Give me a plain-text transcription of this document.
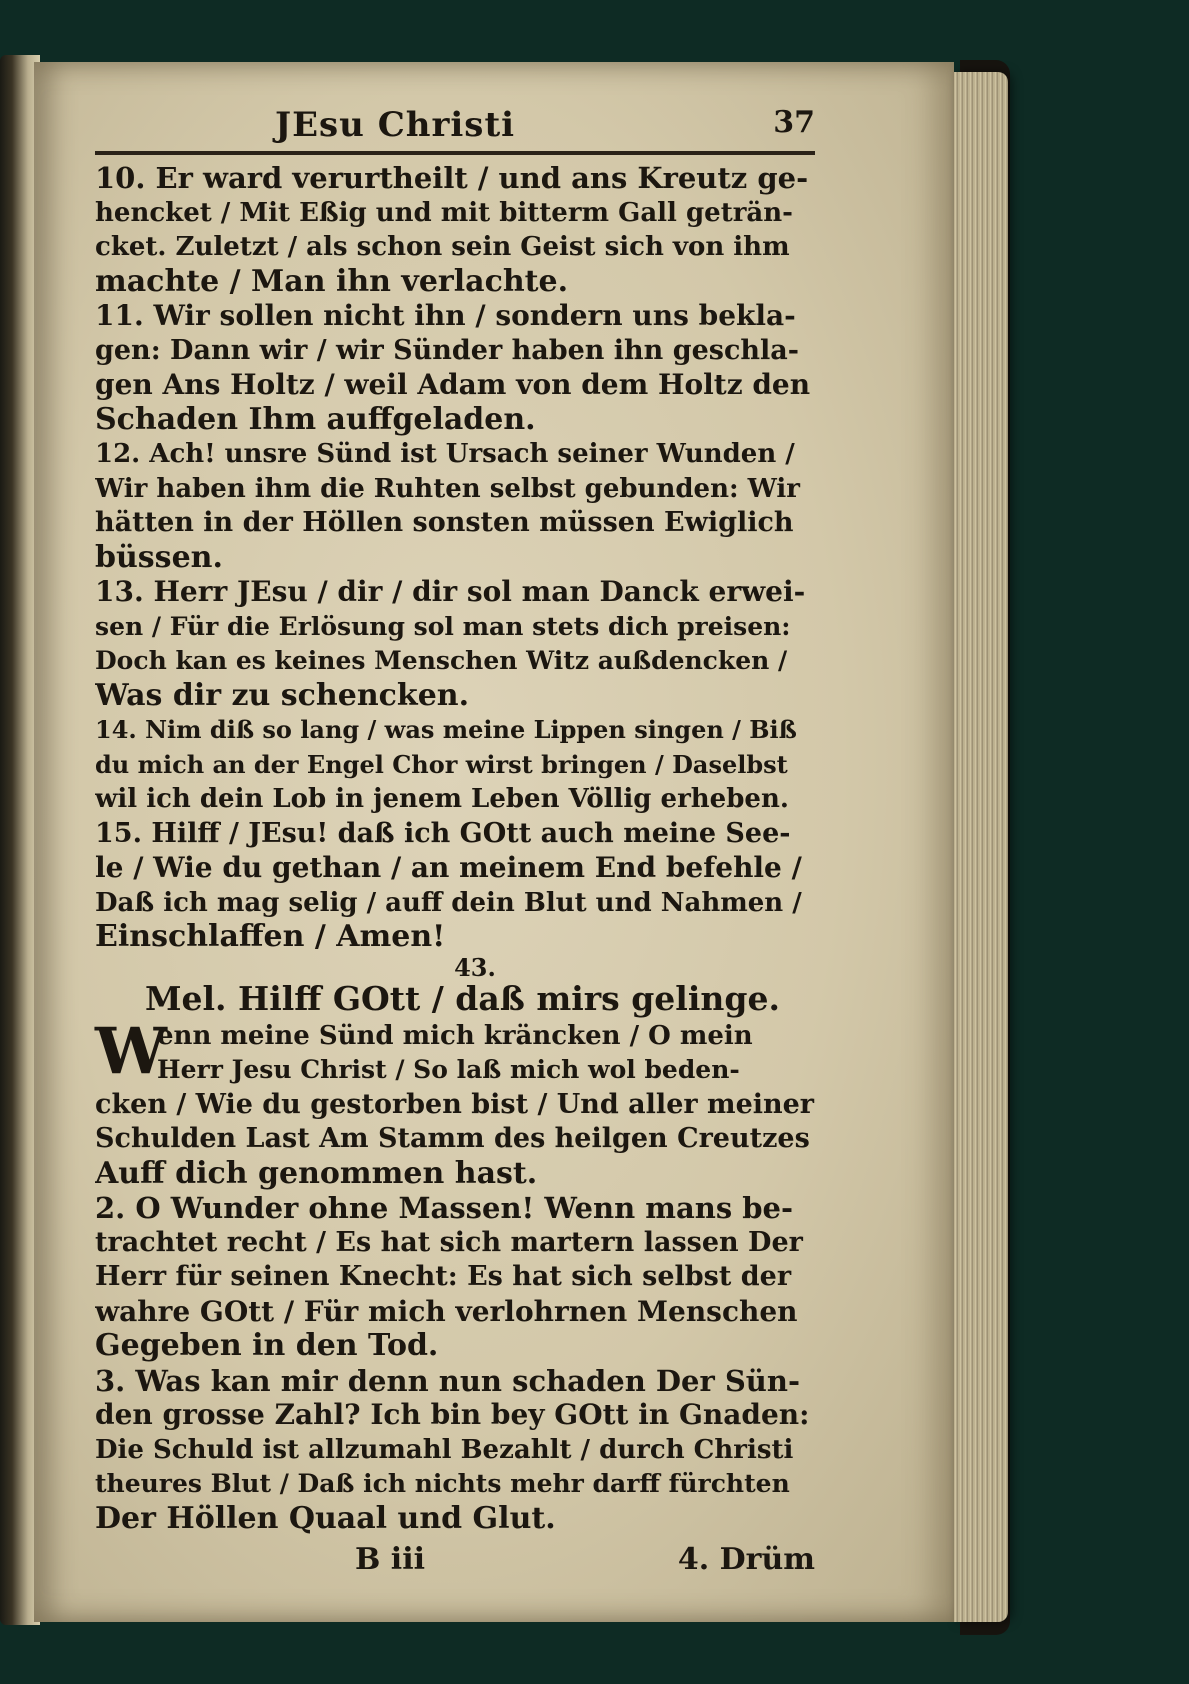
JEsu Christi	37
10. Er ward verurtheilt / und ans Kreutz ge-
hencket / Mit Eßig und mit bitterm Gall geträn-
cket. Zuletzt / als schon sein Geist sich von ihm
machte / Man ihn verlachte.
11. Wir sollen nicht ihn / sondern uns bekla-
gen: Dann wir / wir Sünder haben ihn geschla-
gen Ans Holtz / weil Adam von dem Holtz den
Schaden Ihm auffgeladen.
12. Ach! unsre Sünd ist Ursach seiner Wunden /
Wir haben ihm die Ruhten selbst gebunden: Wir
hätten in der Höllen sonsten müssen Ewiglich
büssen.
13. Herr JEsu / dir / dir sol man Danck erwei-
sen / Für die Erlösung sol man stets dich preisen:
Doch kan es keines Menschen Witz außdencken /
Was dir zu schencken.
14. Nim diß so lang / was meine Lippen singen / Biß
du mich an der Engel Chor wirst bringen / Daselbst
wil ich dein Lob in jenem Leben Völlig erheben.
15. Hilff / JEsu! daß ich GOtt auch meine See-
le / Wie du gethan / an meinem End befehle /
Daß ich mag selig / auff dein Blut und Nahmen /
Einschlaffen / Amen!
43.
Mel. Hilff GOtt / daß mirs gelinge.
W
enn meine Sünd mich kräncken / O mein
Herr Jesu Christ / So laß mich wol beden-
cken / Wie du gestorben bist / Und aller meiner
Schulden Last Am Stamm des heilgen Creutzes
Auff dich genommen hast.
2. O Wunder ohne Massen! Wenn mans be-
trachtet recht / Es hat sich martern lassen Der
Herr für seinen Knecht: Es hat sich selbst der
wahre GOtt / Für mich verlohrnen Menschen
Gegeben in den Tod.
3. Was kan mir denn nun schaden Der Sün-
den grosse Zahl? Ich bin bey GOtt in Gnaden:
Die Schuld ist allzumahl Bezahlt / durch Christi
theures Blut / Daß ich nichts mehr darff fürchten
Der Höllen Quaal und Glut.
B iii	4. Drüm
